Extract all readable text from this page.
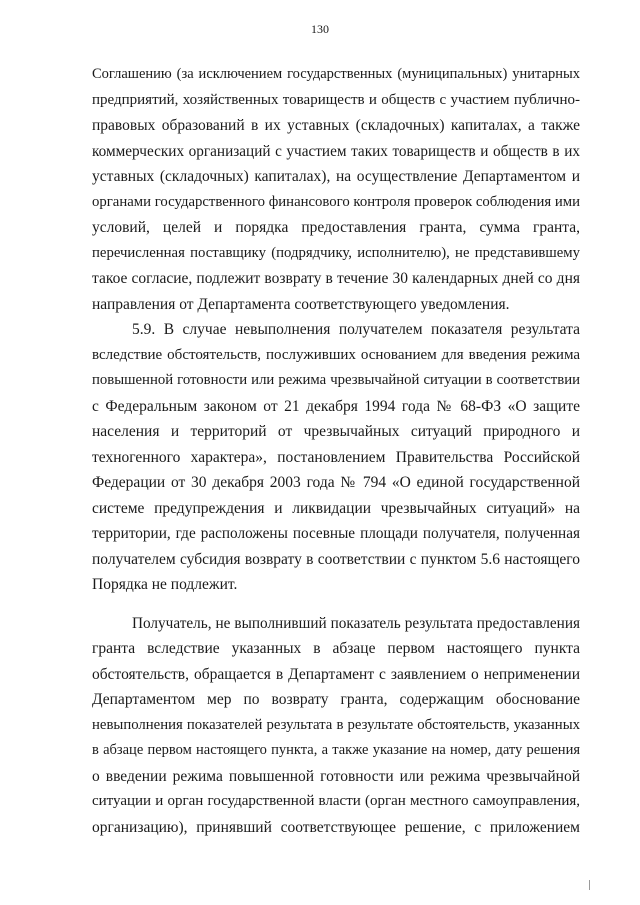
130
Соглашению (за исключением государственных (муниципальных) унитарных
предприятий, хозяйственных товариществ и обществ с участием публично-
правовых образований в их уставных (складочных) капиталах, а также
коммерческих организаций с участием таких товариществ и обществ в их
уставных (складочных) капиталах), на осуществление Департаментом и
органами государственного финансового контроля проверок соблюдения ими
условий, целей и порядка предоставления гранта, сумма гранта,
перечисленная поставщику (подрядчику, исполнителю), не представившему
такое согласие, подлежит возврату в течение 30 календарных дней со дня
направления от Департамента соответствующего уведомления.
5.9. В случае невыполнения получателем показателя результата
вследствие обстоятельств, послуживших основанием для введения режима
повышенной готовности или режима чрезвычайной ситуации в соответствии
с Федеральным законом от 21 декабря 1994 года № 68-ФЗ «О защите
населения и территорий от чрезвычайных ситуаций природного и
техногенного характера», постановлением Правительства Российской
Федерации от 30 декабря 2003 года № 794 «О единой государственной
системе предупреждения и ликвидации чрезвычайных ситуаций» на
территории, где расположены посевные площади получателя, полученная
получателем субсидия возврату в соответствии с пунктом 5.6 настоящего
Порядка не подлежит.
Получатель, не выполнивший показатель результата предоставления
гранта вследствие указанных в абзаце первом настоящего пункта
обстоятельств, обращается в Департамент с заявлением о неприменении
Департаментом мер по возврату гранта, содержащим обоснование
невыполнения показателей результата в результате обстоятельств, указанных
в абзаце первом настоящего пункта, а также указание на номер, дату решения
о введении режима повышенной готовности или режима чрезвычайной
ситуации и орган государственной власти (орган местного самоуправления,
организацию), принявший соответствующее решение, с приложением
